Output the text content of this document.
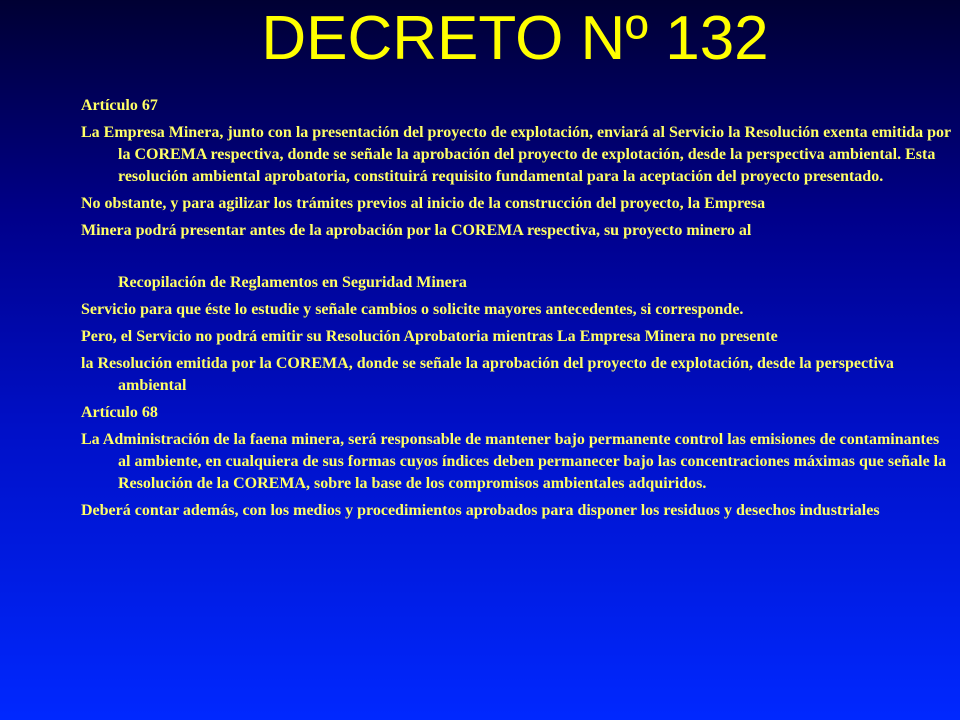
DECRETO Nº 132

Artículo 67

La Empresa Minera, junto con la presentación del proyecto de explotación, enviará al Servicio la Resolución exenta emitida por la COREMA respectiva, donde se señale la aprobación del proyecto de explotación, desde la perspectiva ambiental. Esta resolución ambiental aprobatoria, constituirá requisito fundamental para la aceptación del proyecto presentado.

No obstante, y para agilizar los trámites previos al inicio de la construcción del proyecto, la Empresa

Minera podrá presentar antes de la aprobación por la COREMA respectiva, su proyecto minero al

Recopilación de Reglamentos en Seguridad Minera

Servicio para que éste lo estudie y señale cambios o solicite mayores antecedentes, si corresponde.

Pero, el Servicio no podrá emitir su Resolución Aprobatoria mientras La Empresa Minera no presente

la Resolución emitida por la COREMA, donde se señale la aprobación del proyecto de explotación, desde la perspectiva ambiental

Artículo 68

La Administración de la faena minera, será responsable de mantener bajo permanente control las emisiones de contaminantes al ambiente, en cualquiera de sus formas cuyos índices deben permanecer bajo las concentraciones máximas que señale la Resolución de la COREMA, sobre la base de los compromisos ambientales adquiridos.

Deberá contar además, con los medios y procedimientos aprobados para disponer los residuos y desechos industriales
